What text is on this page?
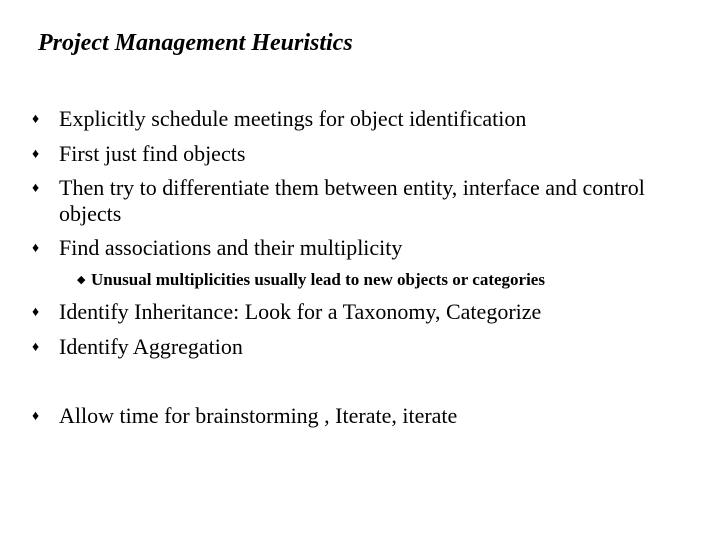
Project Management Heuristics
♦ Explicitly schedule meetings for object identification
♦ First just find objects
♦ Then try to differentiate them between entity, interface and control objects
♦ Find associations and their multiplicity
◆ Unusual multiplicities usually lead to new objects or categories
♦ Identify Inheritance: Look for a Taxonomy, Categorize
♦ Identify Aggregation
♦ Allow time for brainstorming , Iterate, iterate
